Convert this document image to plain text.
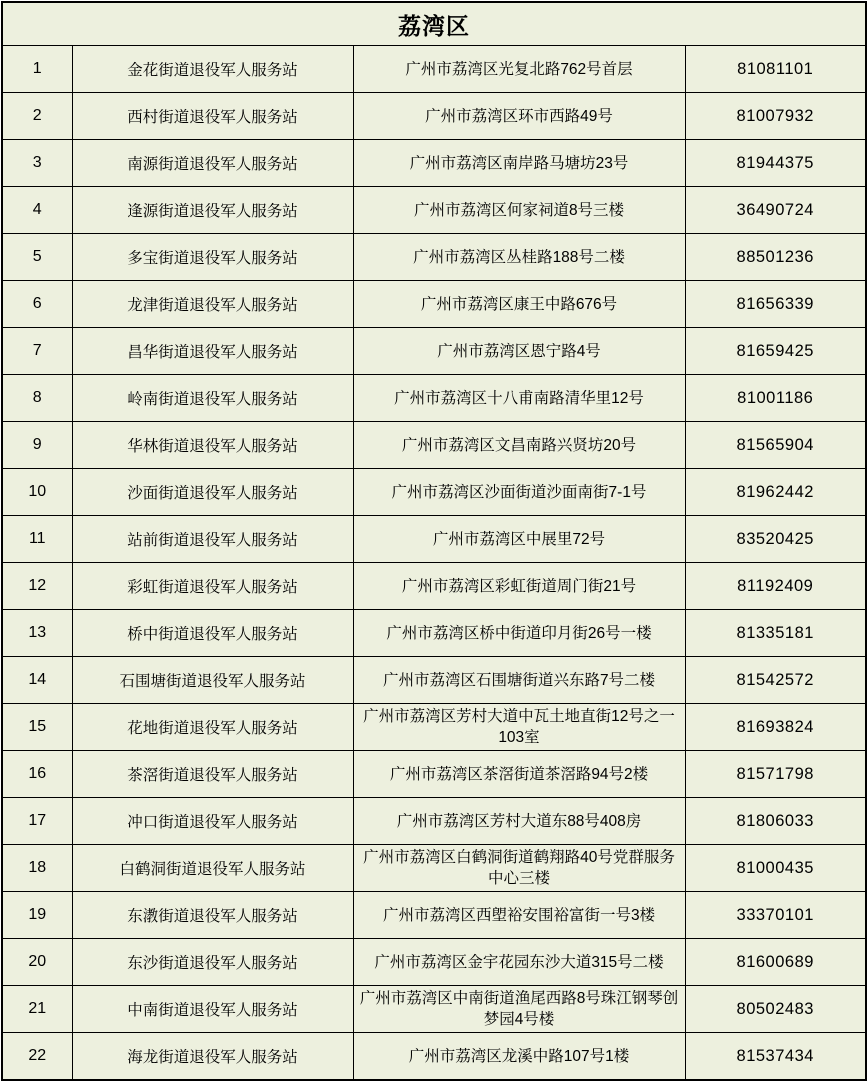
荔湾区			
1	金花街道退役军人服务站	广州市荔湾区光复北路762号首层	81081101
2	西村街道退役军人服务站	广州市荔湾区环市西路49号	81007932
3	南源街道退役军人服务站	广州市荔湾区南岸路马塘坊23号	81944375
4	逢源街道退役军人服务站	广州市荔湾区何家祠道8号三楼	36490724
5	多宝街道退役军人服务站	广州市荔湾区丛桂路188号二楼	88501236
6	龙津街道退役军人服务站	广州市荔湾区康王中路676号	81656339
7	昌华街道退役军人服务站	广州市荔湾区恩宁路4号	81659425
8	岭南街道退役军人服务站	广州市荔湾区十八甫南路清华里12号	81001186
9	华林街道退役军人服务站	广州市荔湾区文昌南路兴贤坊20号	81565904
10	沙面街道退役军人服务站	广州市荔湾区沙面街道沙面南街7-1号	81962442
11	站前街道退役军人服务站	广州市荔湾区中展里72号	83520425
12	彩虹街道退役军人服务站	广州市荔湾区彩虹街道周门街21号	81192409
13	桥中街道退役军人服务站	广州市荔湾区桥中街道印月街26号一楼	81335181
14	石围塘街道退役军人服务站	广州市荔湾区石围塘街道兴东路7号二楼	81542572
15	花地街道退役军人服务站	广州市荔湾区芳村大道中瓦土地直街12号之一103室	81693824
16	茶滘街道退役军人服务站	广州市荔湾区茶滘街道茶滘路94号2楼	81571798
17	冲口街道退役军人服务站	广州市荔湾区芳村大道东88号408房	81806033
18	白鹤洞街道退役军人服务站	广州市荔湾区白鹤洞街道鹤翔路40号党群服务中心三楼	81000435
19	东漖街道退役军人服务站	广州市荔湾区西塱裕安围裕富街一号3楼	33370101
20	东沙街道退役军人服务站	广州市荔湾区金宇花园东沙大道315号二楼	81600689
21	中南街道退役军人服务站	广州市荔湾区中南街道渔尾西路8号珠江钢琴创梦园4号楼	80502483
22	海龙街道退役军人服务站	广州市荔湾区龙溪中路107号1楼	81537434
